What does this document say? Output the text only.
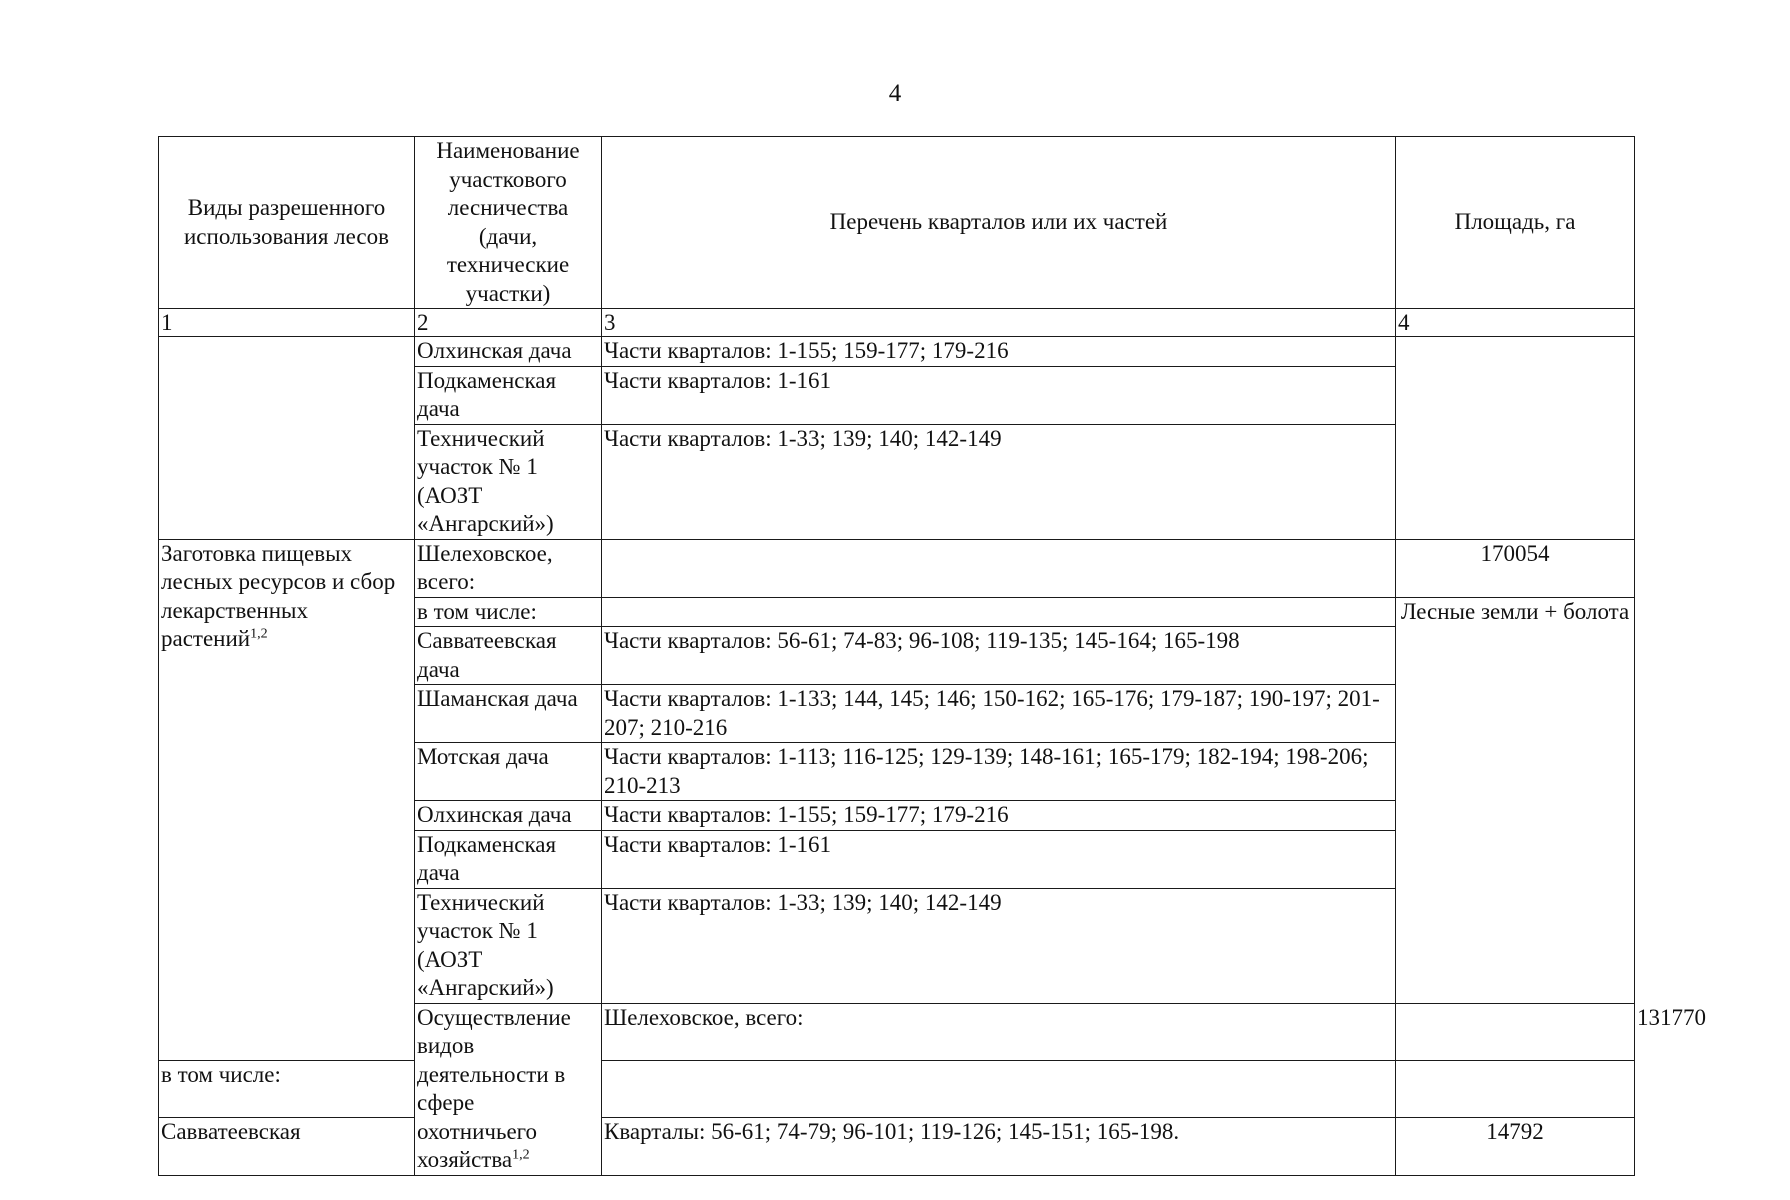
4
Виды разрешенного использования лесов	Наименование участкового лесничества (дачи, технические участки)	Перечень кварталов или их частей	Площадь, га	
1	2	3	4	
	Олхинская дача	Части кварталов: 1-155; 159-177; 179-216		
	Подкаменская дача	Части кварталов: 1-161		
	Технический участок № 1 (АОЗТ «Ангарский»)	Части кварталов: 1-33; 139; 140; 142-149		
Заготовка пищевых лесных ресурсов и сбор лекарственных растений$^{1,2}$	Шелеховское, всего:		170054	
	в том числе:		Лесные земли + болота	
	Савватеевская дача	Части кварталов: 56-61; 74-83; 96-108; 119-135; 145-164; 165-198		
	Шаманская дача	Части кварталов: 1-133; 144, 145; 146; 150-162; 165-176; 179-187; 190-197; 201-207; 210-216		
	Мотская дача	Части кварталов: 1-113; 116-125; 129-139; 148-161; 165-179; 182-194; 198-206; 210-213		
	Олхинская дача	Части кварталов: 1-155; 159-177; 179-216		
	Подкаменская дача	Части кварталов: 1-161		
	Технический участок № 1 (АОЗТ «Ангарский»)	Части кварталов: 1-33; 139; 140; 142-149		
	Осуществление видов деятельности в сфере охотничьего хозяйства$^{1,2}$	Шелеховское, всего:		131770
в том числе:				
Савватеевская		Кварталы: 56-61; 74-79; 96-101; 119-126; 145-151; 165-198.	14792	
